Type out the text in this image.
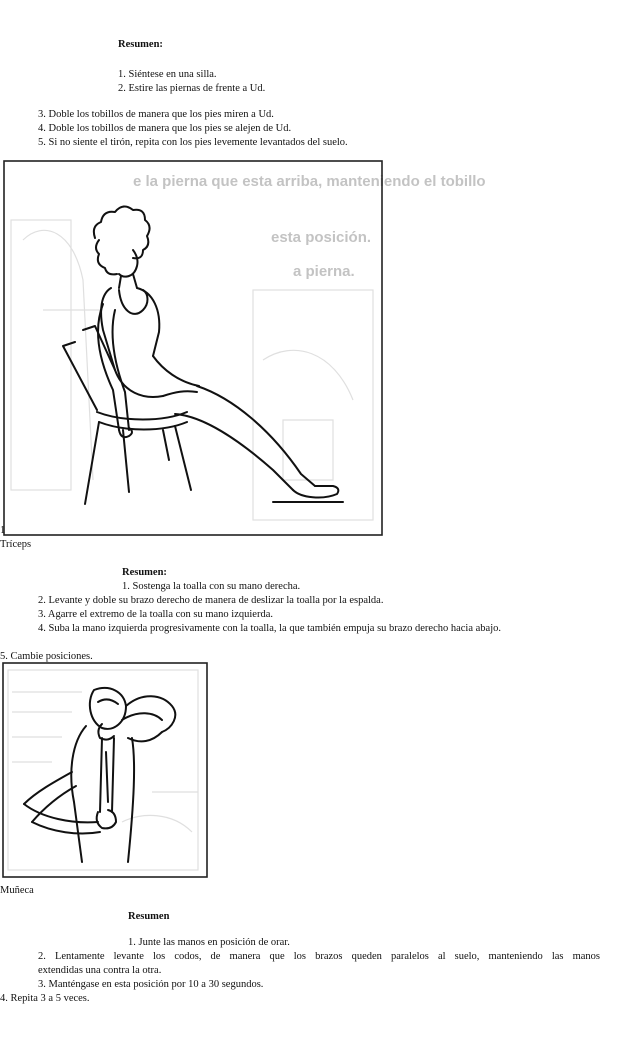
Resumen:
1. Siéntese en una silla.
2. Estire las piernas de frente a Ud.
3. Doble los tobillos de manera que los pies miren a Ud.
4. Doble los tobillos de manera que los pies se alejen de Ud.
5. Si no siente el tirón, repita con los pies levemente levantados del suelo.
e la pierna que esta arriba, manteniendo el tobillo
esta posición.
a pierna.
1
Tríceps
Resumen:
1. Sostenga la toalla con su mano derecha.
2. Levante y doble su brazo derecho de manera de deslizar la toalla por la espalda.
3. Agarre el extremo de la toalla con su mano izquierda.
4. Suba la mano izquierda progresivamente con la toalla, la que también empuja su brazo derecho hacia abajo.
5. Cambie posiciones.
Muñeca
Resumen
1. Junte las manos en posición de orar.
2. Lentamente levante los codos, de manera que los brazos queden paralelos al suelo, manteniendo las manos
extendidas una contra la otra.
3. Manténgase en esta posición por 10 a 30 segundos.
4. Repita 3 a 5 veces.
